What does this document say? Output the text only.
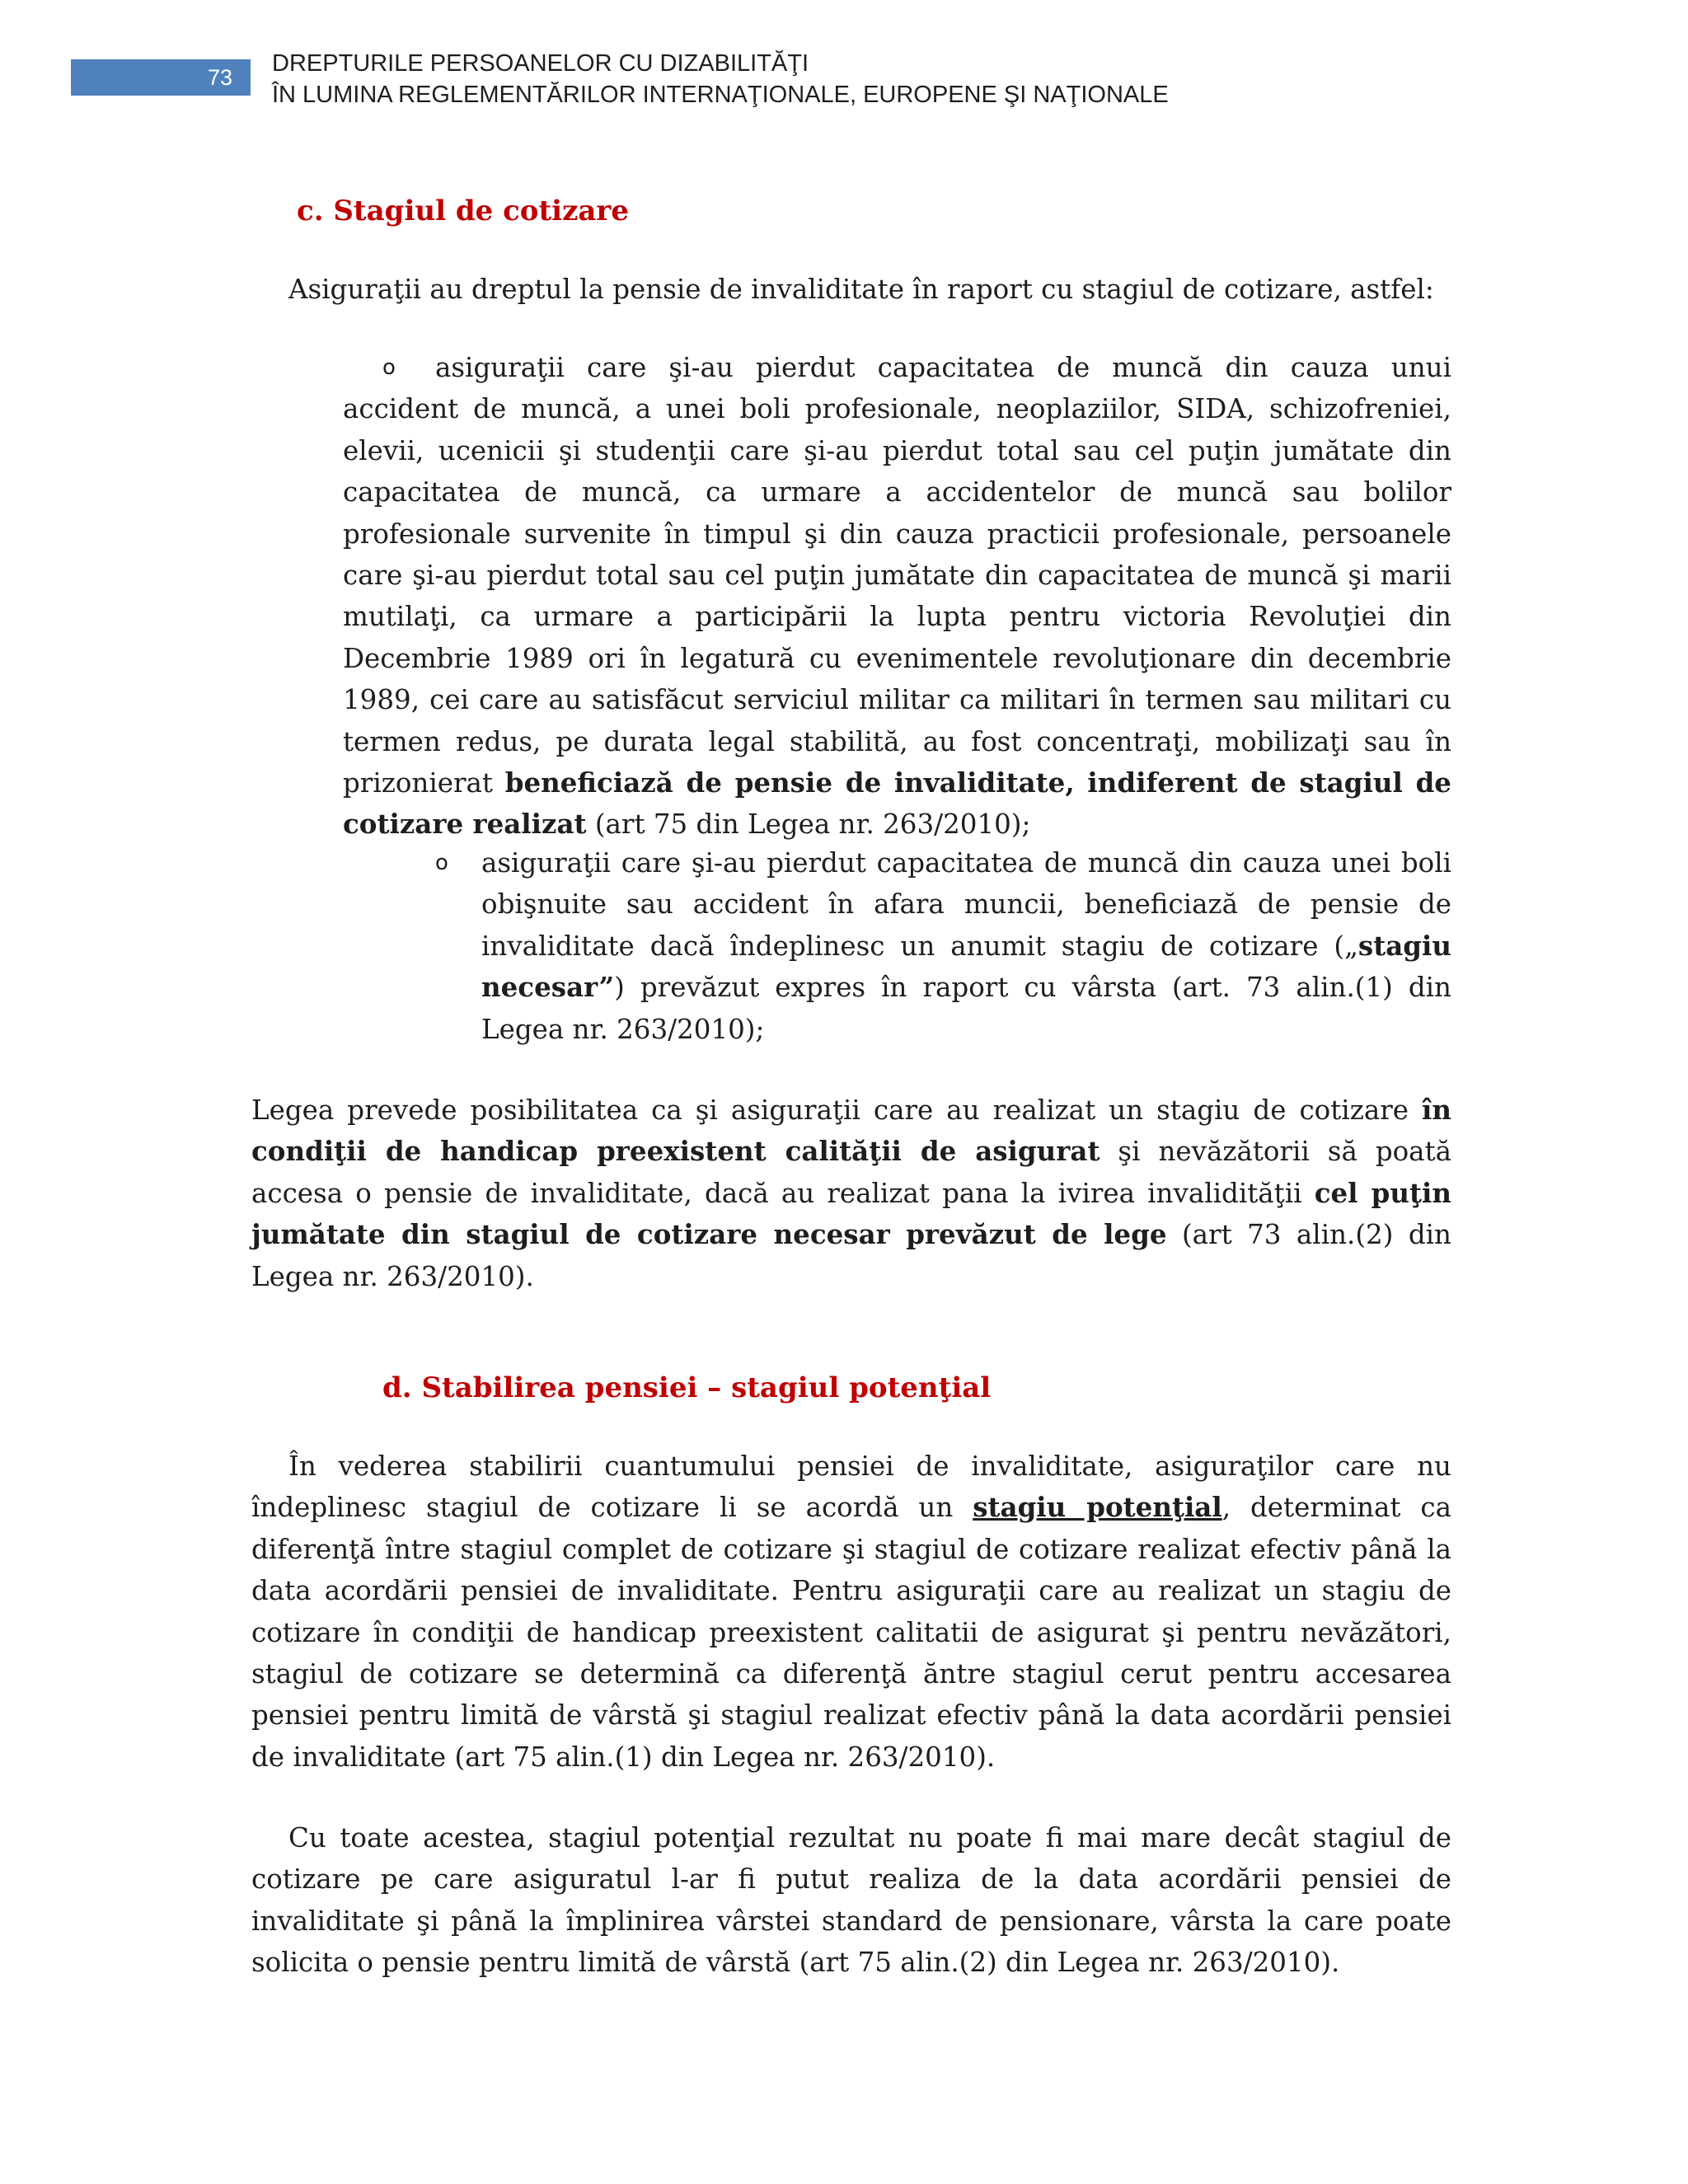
73
DREPTURILE PERSOANELOR CU DIZABILITĂŢI
ÎN LUMINA REGLEMENTĂRILOR INTERNAŢIONALE, EUROPENE ŞI NAŢIONALE
c. Stagiul de cotizare

Asiguraţii au dreptul la pensie de invaliditate în raport cu stagiul de cotizare, astfel:

o asiguraţii care şi-au pierdut capacitatea de muncă din cauza unui accident de muncă, a unei boli profesionale, neoplaziilor, SIDA, schizofreniei, elevii, ucenicii şi studenţii care şi-au pierdut total sau cel puţin jumătate din capacitatea de muncă, ca urmare a accidentelor de muncă sau bolilor profesionale survenite în timpul şi din cauza practicii profesionale, persoanele care şi-au pierdut total sau cel puţin jumătate din capacitatea de muncă şi marii mutilaţi, ca urmare a participării la lupta pentru victoria Revoluţiei din Decembrie 1989 ori în legatură cu evenimentele revoluţionare din decembrie 1989, cei care au satisfăcut serviciul militar ca militari în termen sau militari cu termen redus, pe durata legal stabilită, au fost concentraţi, mobilizaţi sau în prizonierat beneficiază de pensie de invaliditate, indiferent de stagiul de cotizare realizat (art 75 din Legea nr. 263/2010);

o asiguraţii care şi-au pierdut capacitatea de muncă din cauza unei boli obişnuite sau accident în afara muncii, beneficiază de pensie de invaliditate dacă îndeplinesc un anumit stagiu de cotizare („stagiu necesar”) prevăzut expres în raport cu vârsta (art. 73 alin.(1) din Legea nr. 263/2010);

Legea prevede posibilitatea ca şi asiguraţii care au realizat un stagiu de cotizare în condiţii de handicap preexistent calităţii de asigurat şi nevăzătorii să poată accesa o pensie de invaliditate, dacă au realizat pana la ivirea invalidităţii cel puţin jumătate din stagiul de cotizare necesar prevăzut de lege (art 73 alin.(2) din Legea nr. 263/2010).

d. Stabilirea pensiei – stagiul potenţial

În vederea stabilirii cuantumului pensiei de invaliditate, asiguraţilor care nu îndeplinesc stagiul de cotizare li se acordă un stagiu potenţial, determinat ca diferenţă între stagiul complet de cotizare şi stagiul de cotizare realizat efectiv până la data acordării pensiei de invaliditate. Pentru asiguraţii care au realizat un stagiu de cotizare în condiţii de handicap preexistent calitatii de asigurat şi pentru nevăzători, stagiul de cotizare se determină ca diferenţă ăntre stagiul cerut pentru accesarea pensiei pentru limită de vârstă şi stagiul realizat efectiv până la data acordării pensiei de invaliditate (art 75 alin.(1) din Legea nr. 263/2010).

Cu toate acestea, stagiul potenţial rezultat nu poate fi mai mare decât stagiul de cotizare pe care asiguratul l-ar fi putut realiza de la data acordării pensiei de invaliditate şi până la împlinirea vârstei standard de pensionare, vârsta la care poate solicita o pensie pentru limită de vârstă (art 75 alin.(2) din Legea nr. 263/2010).
